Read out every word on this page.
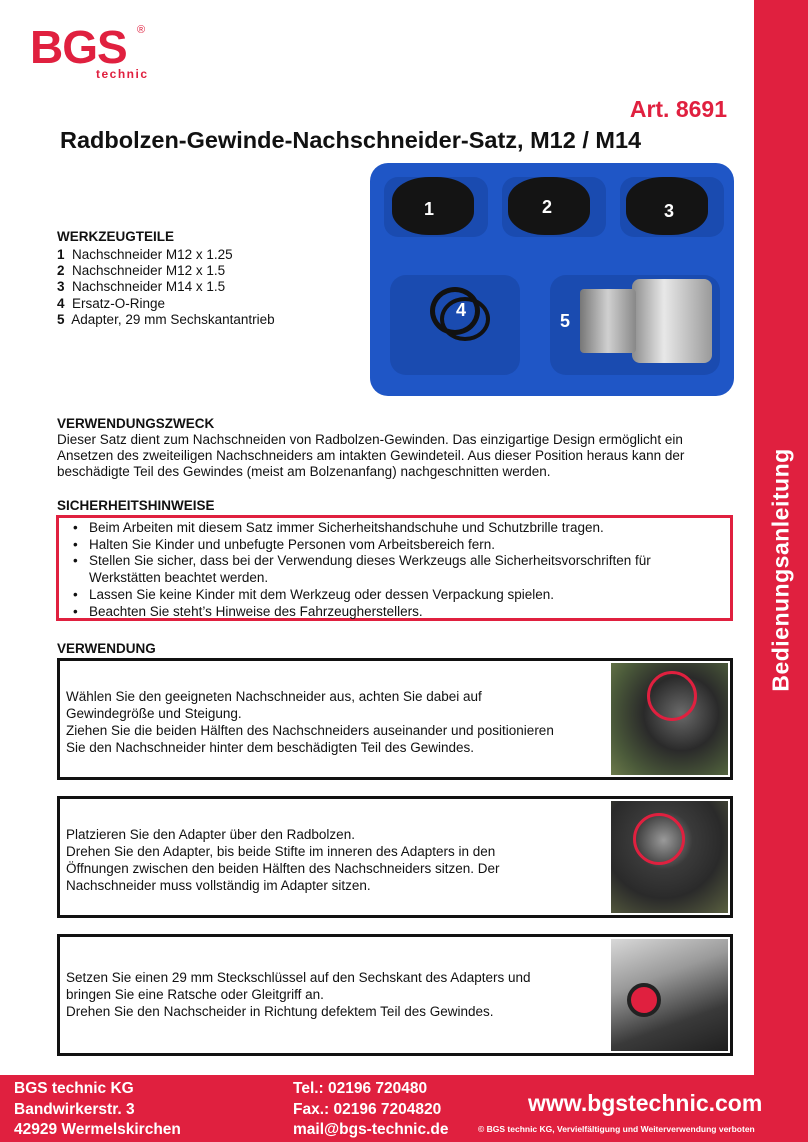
Bedienungsanleitung
BGS ®
technic
Art. 8691
Radbolzen-Gewinde-Nachschneider-Satz, M12 / M14
1	2	3
4
5
WERKZEUGTEILE
1 Nachschneider M12 x 1.25
2 Nachschneider M12 x 1.5
3 Nachschneider M14 x 1.5
4 Ersatz-O-Ringe
5 Adapter, 29 mm Sechskantantrieb
VERWENDUNGSZWECK
Dieser Satz dient zum Nachschneiden von Radbolzen-Gewinden. Das einzigartige Design ermöglicht ein
Ansetzen des zweiteiligen Nachschneiders am intakten Gewindeteil. Aus dieser Position heraus kann der
beschädigte Teil des Gewindes (meist am Bolzenanfang) nachgeschnitten werden.
SICHERHEITSHINWEISE
• Beim Arbeiten mit diesem Satz immer Sicherheitshandschuhe und Schutzbrille tragen.
• Halten Sie Kinder und unbefugte Personen vom Arbeitsbereich fern.
• Stellen Sie sicher, dass bei der Verwendung dieses Werkzeugs alle Sicherheitsvorschriften für Werkstätten beachtet werden.
• Lassen Sie keine Kinder mit dem Werkzeug oder dessen Verpackung spielen.
• Beachten Sie steht’s Hinweise des Fahrzeugherstellers.
VERWENDUNG
Wählen Sie den geeigneten Nachschneider aus, achten Sie dabei auf
Gewindegröße und Steigung.
Ziehen Sie die beiden Hälften des Nachschneiders auseinander und positionieren
Sie den Nachschneider hinter dem beschädigten Teil des Gewindes.
Platzieren Sie den Adapter über den Radbolzen.
Drehen Sie den Adapter, bis beide Stifte im inneren des Adapters in den
Öffnungen zwischen den beiden Hälften des Nachschneiders sitzen. Der
Nachschneider muss vollständig im Adapter sitzen.
Setzen Sie einen 29 mm Steckschlüssel auf den Sechskant des Adapters und
bringen Sie eine Ratsche oder Gleitgriff an.
Drehen Sie den Nachscheider in Richtung defektem Teil des Gewindes.
BGS technic KG
Bandwirkerstr. 3
42929 Wermelskirchen
Tel.: 02196 720480
Fax.: 02196 7204820
mail@bgs-technic.de
www.bgstechnic.com
© BGS technic KG, Vervielfältigung und Weiterverwendung verboten
